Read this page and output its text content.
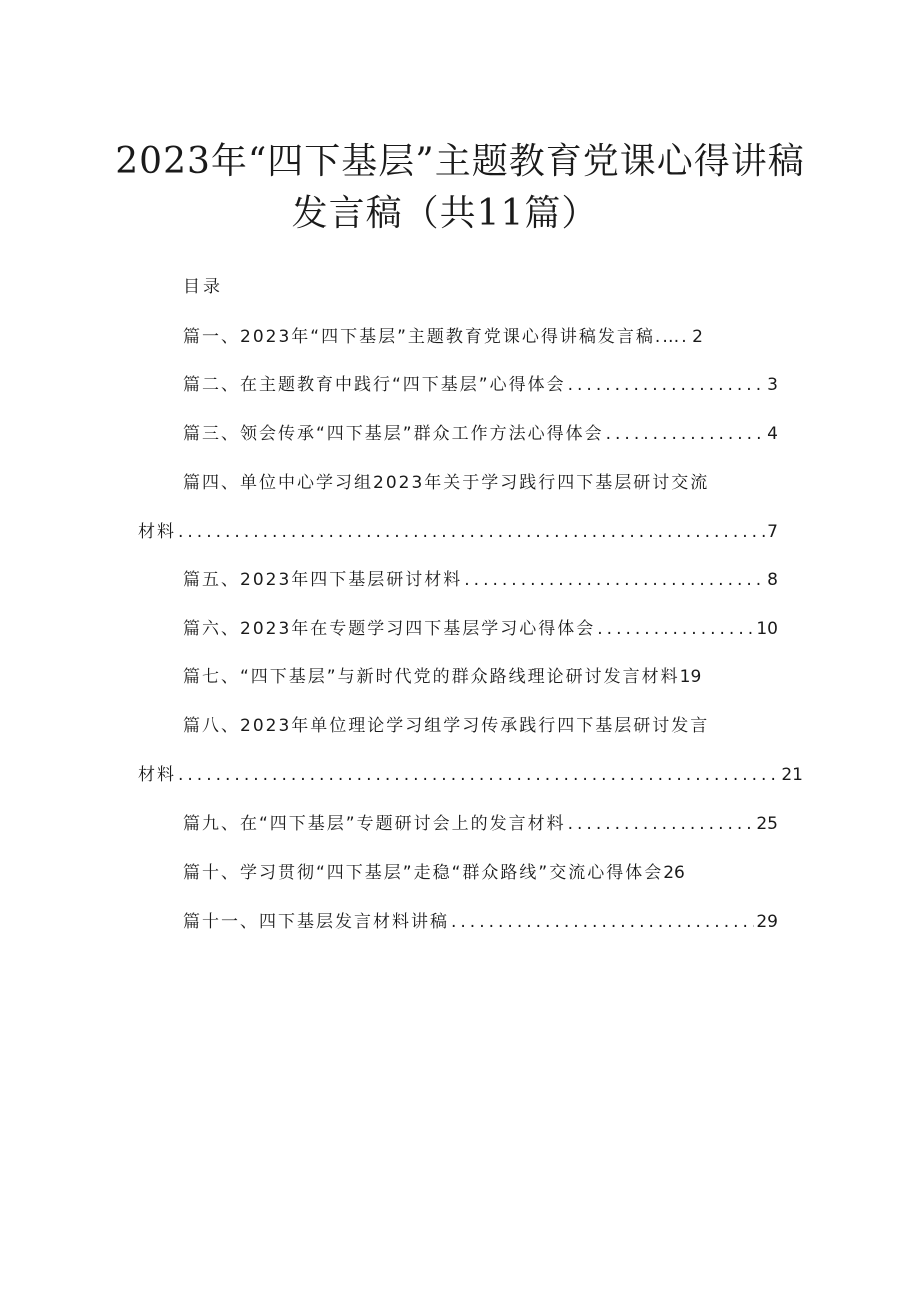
2023年“四下基层”主题教育党课心得讲稿
发言稿（共11篇）
目录
篇一、2023年“四下基层”主题教育党课心得讲稿发言稿.… . 2
篇二、在主题教育中践行“四下基层”心得体会 .....	3
篇三、领会传承“四下基层”群众工作方法心得体会 .....	4
篇四、单位中心学习组2023年关于学习践行四下基层研讨交流
材料 .....	7
篇五、2023年四下基层研讨材料 .....	8
篇六、2023年在专题学习四下基层学习心得体会 .....	10
篇七、“四下基层”与新时代党的群众路线理论研讨发言材料 19
篇八、2023年单位理论学习组学习传承践行四下基层研讨发言
材料 .....	21
篇九、在“四下基层”专题研讨会上的发言材料 .....	25
篇十、学习贯彻“四下基层”走稳“群众路线”交流心得体会 26
篇十一、四下基层发言材料讲稿 .....	29
